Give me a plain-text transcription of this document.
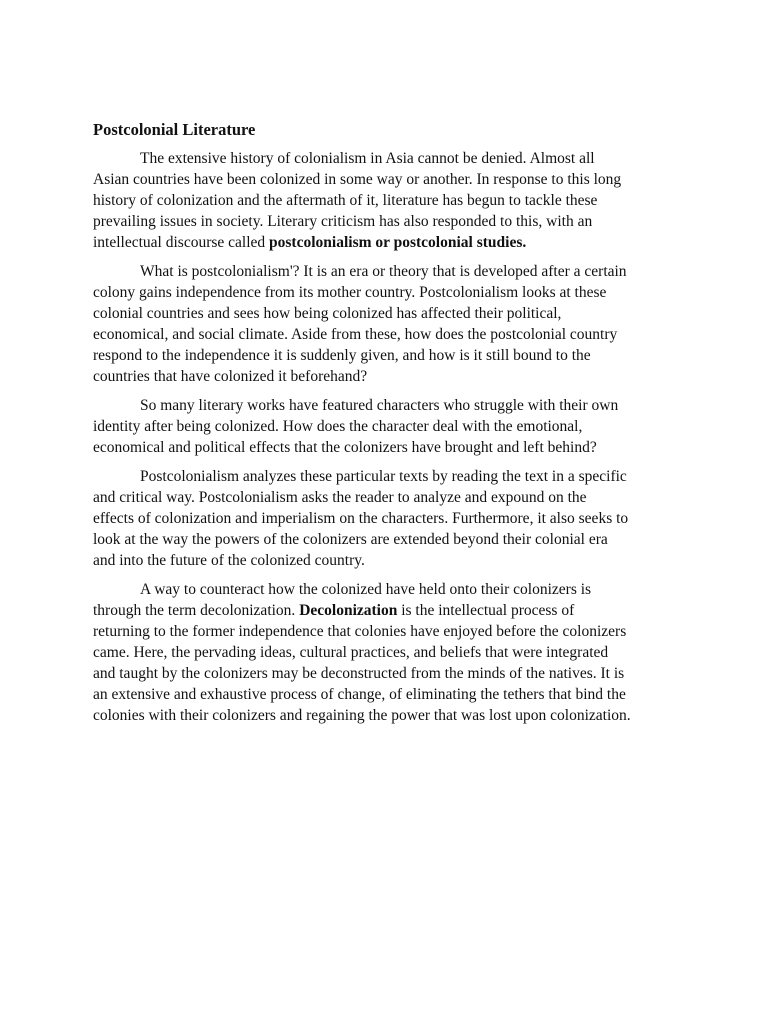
Postcolonial Literature
The extensive history of colonialism in Asia cannot be denied. Almost all
Asian countries have been colonized in some way or another. In response to this long
history of colonization and the aftermath of it, literature has begun to tackle these
prevailing issues in society. Literary criticism has also responded to this, with an
intellectual discourse called postcolonialism or postcolonial studies.
What is postcolonialism'? It is an era or theory that is developed after a certain
colony gains independence from its mother country. Postcolonialism looks at these
colonial countries and sees how being colonized has affected their political,
economical, and social climate. Aside from these, how does the postcolonial country
respond to the independence it is suddenly given, and how is it still bound to the
countries that have colonized it beforehand?
So many literary works have featured characters who struggle with their own
identity after being colonized. How does the character deal with the emotional,
economical and political effects that the colonizers have brought and left behind?
Postcolonialism analyzes these particular texts by reading the text in a specific
and critical way. Postcolonialism asks the reader to analyze and expound on the
effects of colonization and imperialism on the characters. Furthermore, it also seeks to
look at the way the powers of the colonizers are extended beyond their colonial era
and into the future of the colonized country.
A way to counteract how the colonized have held onto their colonizers is
through the term decolonization. Decolonization is the intellectual process of
returning to the former independence that colonies have enjoyed before the colonizers
came. Here, the pervading ideas, cultural practices, and beliefs that were integrated
and taught by the colonizers may be deconstructed from the minds of the natives. It is
an extensive and exhaustive process of change, of eliminating the tethers that bind the
colonies with their colonizers and regaining the power that was lost upon colonization.
